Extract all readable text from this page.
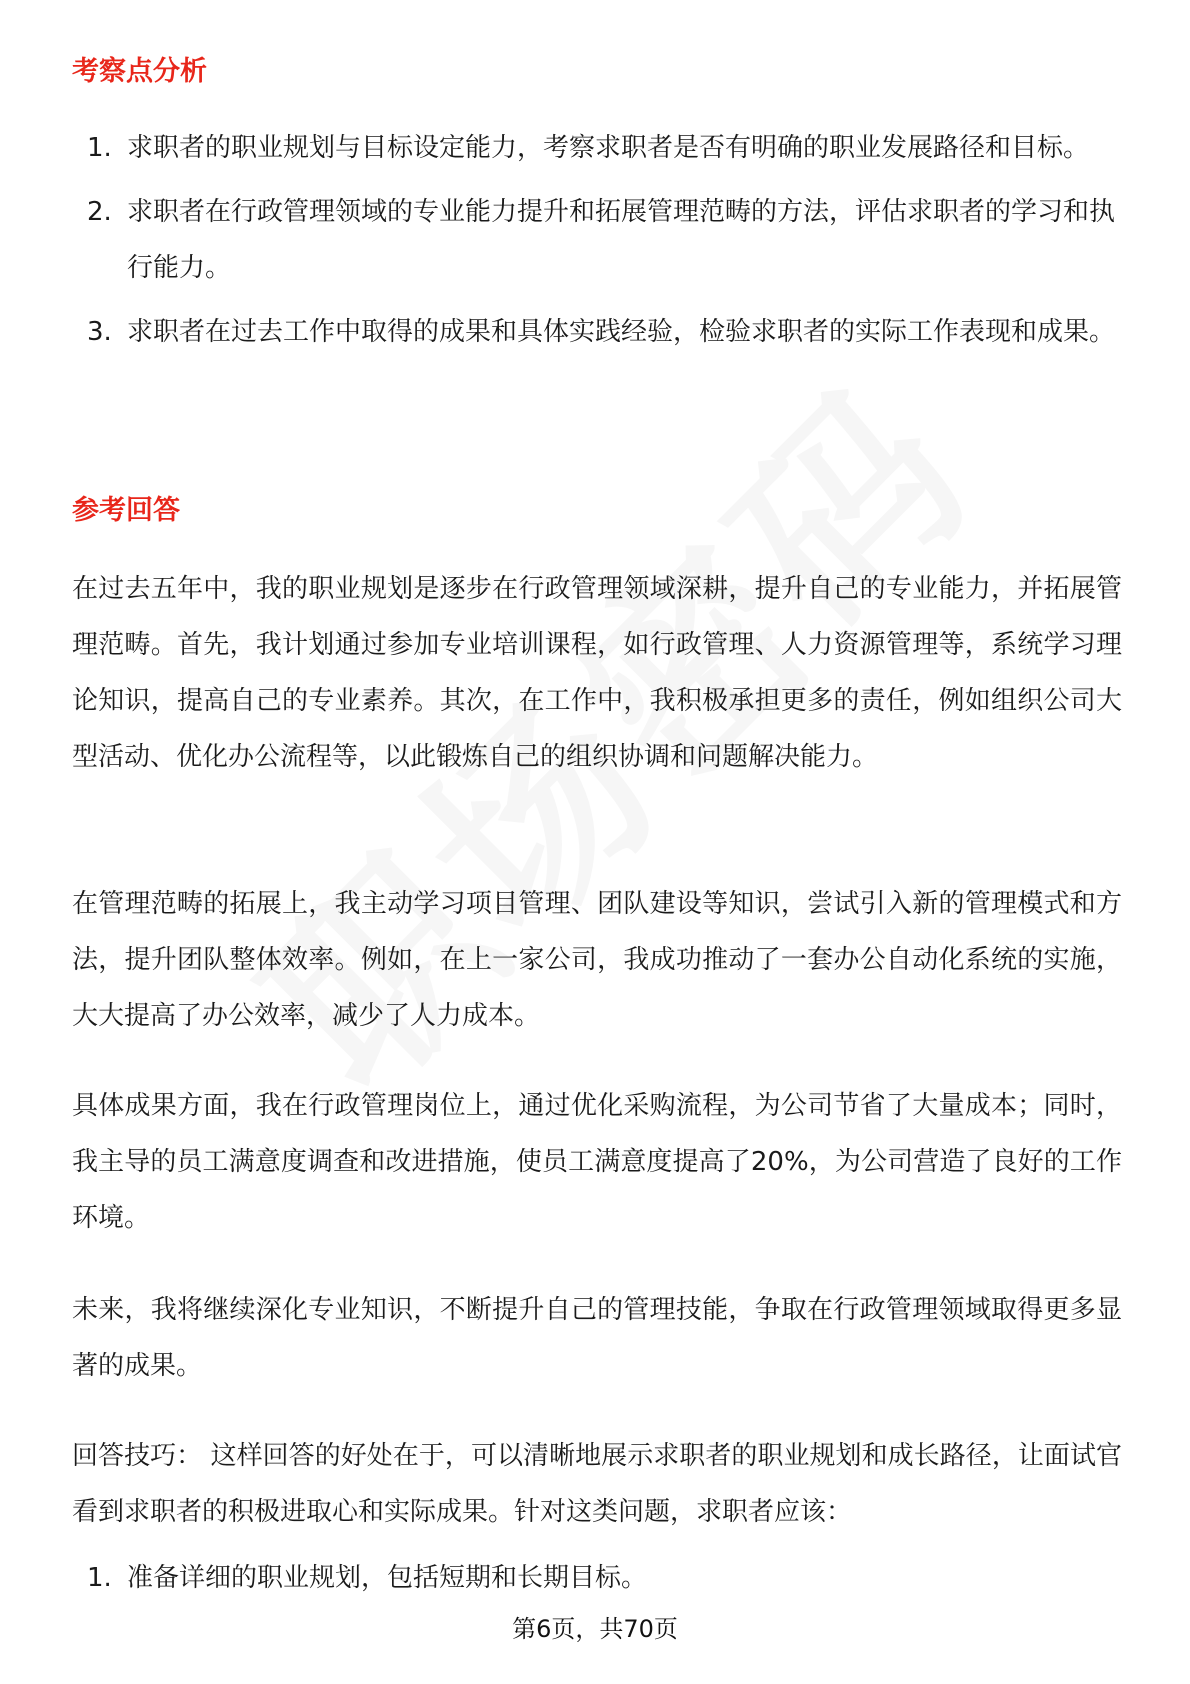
考察点分析
1. 求职者的职业规划与目标设定能力，考察求职者是否有明确的职业发展路径和目标。
2. 求职者在行政管理领域的专业能力提升和拓展管理范畴的方法，评估求职者的学习和执行能力。
3. 求职者在过去工作中取得的成果和具体实践经验，检验求职者的实际工作表现和成果。
参考回答
在过去五年中，我的职业规划是逐步在行政管理领域深耕，提升自己的专业能力，并拓展管理范畴。首先，我计划通过参加专业培训课程，如行政管理、人力资源管理等，系统学习理论知识，提高自己的专业素养。其次，在工作中，我积极承担更多的责任，例如组织公司大型活动、优化办公流程等，以此锻炼自己的组织协调和问题解决能力。
在管理范畴的拓展上，我主动学习项目管理、团队建设等知识，尝试引入新的管理模式和方法，提升团队整体效率。例如，在上一家公司，我成功推动了一套办公自动化系统的实施，大大提高了办公效率，减少了人力成本。
具体成果方面，我在行政管理岗位上，通过优化采购流程，为公司节省了大量成本；同时，我主导的员工满意度调查和改进措施，使员工满意度提高了20%，为公司营造了良好的工作环境。
未来，我将继续深化专业知识，不断提升自己的管理技能，争取在行政管理领域取得更多显著的成果。
回答技巧： 这样回答的好处在于，可以清晰地展示求职者的职业规划和成长路径，让面试官看到求职者的积极进取心和实际成果。针对这类问题，求职者应该：
1. 准备详细的职业规划，包括短期和长期目标。
第6页，共70页
